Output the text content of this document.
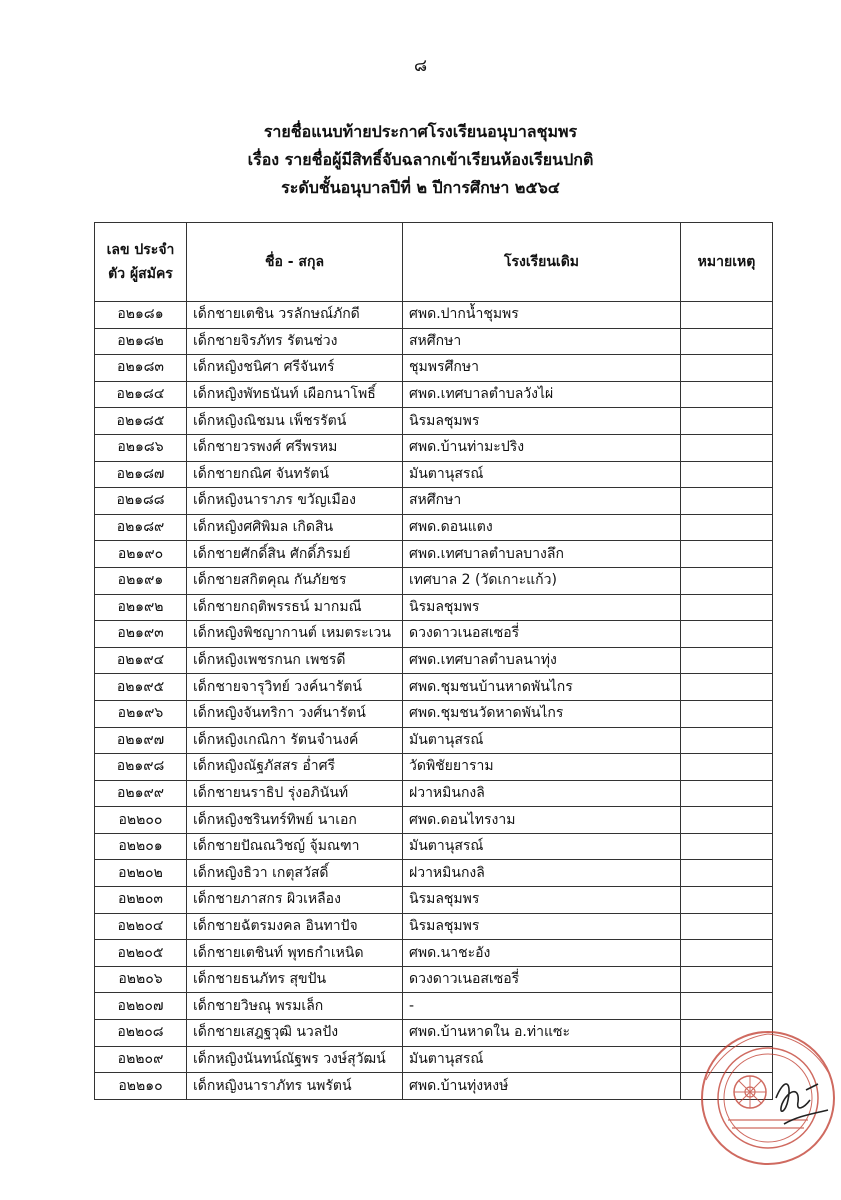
๘
รายชื่อแนบท้ายประกาศโรงเรียนอนุบาลชุมพร
เรื่อง รายชื่อผู้มีสิทธิ์จับฉลากเข้าเรียนห้องเรียนปกติ
ระดับชั้นอนุบาลปีที่ ๒ ปีการศึกษา ๒๕๖๔
เลข ประจำตัว ผู้สมัคร	ชื่อ - สกุล	โรงเรียนเดิม	หมายเหตุ
อ๒๑๘๑	เด็กชายเตชิน วรลักษณ์ภักดี	ศพด.ปากน้ำชุมพร	
อ๒๑๘๒	เด็กชายจิรภัทร รัตนช่วง	สหศึกษา	
อ๒๑๘๓	เด็กหญิงชนิศา ศรีจันทร์	ชุมพรศึกษา	
อ๒๑๘๔	เด็กหญิงพัทธนันท์ เผือกนาโพธิ์	ศพด.เทศบาลตำบลวังไผ่	
อ๒๑๘๕	เด็กหญิงณิชมน เพ็ชรรัตน์	นิรมลชุมพร	
อ๒๑๘๖	เด็กชายวรพงศ์ ศรีพรหม	ศพด.บ้านท่ามะปริง	
อ๒๑๘๗	เด็กชายกณิศ จันทรัตน์	มันตานุสรณ์	
อ๒๑๘๘	เด็กหญิงนาราภร ขวัญเมือง	สหศึกษา	
อ๒๑๘๙	เด็กหญิงศศิพิมล เกิดสิน	ศพด.ดอนแตง	
อ๒๑๙๐	เด็กชายศักดิ์สิน ศักดิ์ภิรมย์	ศพด.เทศบาลตำบลบางลึก	
อ๒๑๙๑	เด็กชายสกิตคุณ กันภัยชร	เทศบาล 2 (วัดเกาะแก้ว)	
อ๒๑๙๒	เด็กชายกฤติพรรธน์ มากมณี	นิรมลชุมพร	
อ๒๑๙๓	เด็กหญิงพิชญากานต์ เหมตระเวน	ดวงดาวเนอสเซอรี่	
อ๒๑๙๔	เด็กหญิงเพชรกนก เพชรดี	ศพด.เทศบาลตำบลนาทุ่ง	
อ๒๑๙๕	เด็กชายจารุวิทย์ วงค์นารัตน์	ศพด.ชุมชนบ้านหาดพันไกร	
อ๒๑๙๖	เด็กหญิงจันทริกา วงศ์นารัตน์	ศพด.ชุมชนวัดหาดพันไกร	
อ๒๑๙๗	เด็กหญิงเกณิกา รัตนจำนงค์	มันตานุสรณ์	
อ๒๑๙๘	เด็กหญิงณัฐภัสสร อ่ำศรี	วัดพิชัยยาราม	
อ๒๑๙๙	เด็กชายนราธิป รุ่งอภินันท์	ฝวาหมินกงลิ	
อ๒๒๐๐	เด็กหญิงชรินทร์ทิพย์ นาเอก	ศพด.ดอนไทรงาม	
อ๒๒๐๑	เด็กชายปัณณวิชญ์ จุ้มณฑา	มันตานุสรณ์	
อ๒๒๐๒	เด็กหญิงธิวา เกตุสวัสดิ์	ฝวาหมินกงลิ	
อ๒๒๐๓	เด็กชายภาสกร ผิวเหลือง	นิรมลชุมพร	
อ๒๒๐๔	เด็กชายฉัตรมงคล อินทาปัจ	นิรมลชุมพร	
อ๒๒๐๕	เด็กชายเตชินท์ พุทธกำเหนิด	ศพด.นาชะอัง	
อ๒๒๐๖	เด็กชายธนภัทร สุขปัน	ดวงดาวเนอสเซอรี่	
อ๒๒๐๗	เด็กชายวิษณุ พรมเล็ก	-	
อ๒๒๐๘	เด็กชายเสฎฐวุฒิ นวลปัง	ศพด.บ้านหาดใน อ.ท่าแซะ	
อ๒๒๐๙	เด็กหญิงนันทน์ณัฐพร วงษ์สุวัฒน์	มันตานุสรณ์	
อ๒๒๑๐	เด็กหญิงนาราภัทร นพรัตน์	ศพด.บ้านทุ่งหงษ์	
